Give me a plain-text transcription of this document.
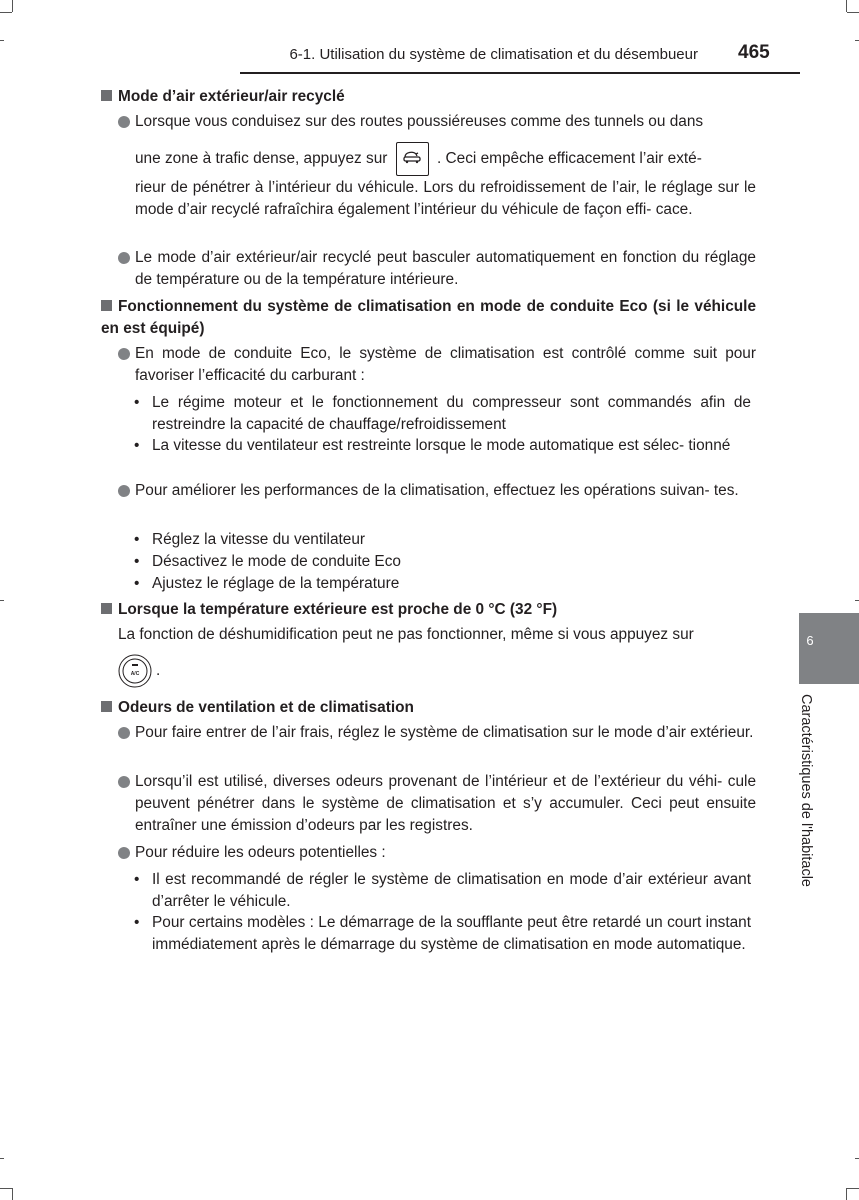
6-1. Utilisation du système de climatisation et du désembueur 465
Mode d’air extérieur/air recyclé
Lorsque vous conduisez sur des routes poussiéreuses comme des tunnels ou dans
une zone à trafic dense, appuyez sur	. Ceci empêche efficacement l’air exté-
rieur de pénétrer à l’intérieur du véhicule. Lors du refroidissement de l’air, le réglage sur le mode d’air recyclé rafraîchira également l’intérieur du véhicule de façon effi- cace.
Le mode d’air extérieur/air recyclé peut basculer automatiquement en fonction du réglage de température ou de la température intérieure.
Fonctionnement du système de climatisation en mode de conduite Eco (si le véhicule en est équipé)
En mode de conduite Eco, le système de climatisation est contrôlé comme suit pour favoriser l’efficacité du carburant :
• Le régime moteur et le fonctionnement du compresseur sont commandés afin de restreindre la capacité de chauffage/refroidissement
• La vitesse du ventilateur est restreinte lorsque le mode automatique est sélec- tionné
Pour améliorer les performances de la climatisation, effectuez les opérations suivan- tes.
• Réglez la vitesse du ventilateur
• Désactivez le mode de conduite Eco
• Ajustez le réglage de la température
Lorsque la température extérieure est proche de 0 °C (32 °F)
La fonction de déshumidification peut ne pas fonctionner, même si vous appuyez sur
A/C .
Odeurs de ventilation et de climatisation
Pour faire entrer de l’air frais, réglez le système de climatisation sur le mode d’air extérieur.
Lorsqu’il est utilisé, diverses odeurs provenant de l’intérieur et de l’extérieur du véhi- cule peuvent pénétrer dans le système de climatisation et s’y accumuler. Ceci peut ensuite entraîner une émission d’odeurs par les registres.
Pour réduire les odeurs potentielles :
• Il est recommandé de régler le système de climatisation en mode d’air extérieur avant d’arrêter le véhicule.
• Pour certains modèles : Le démarrage de la soufflante peut être retardé un court instant immédiatement après le démarrage du système de climatisation en mode automatique.
6
Caractéristiques de l'habitacle
